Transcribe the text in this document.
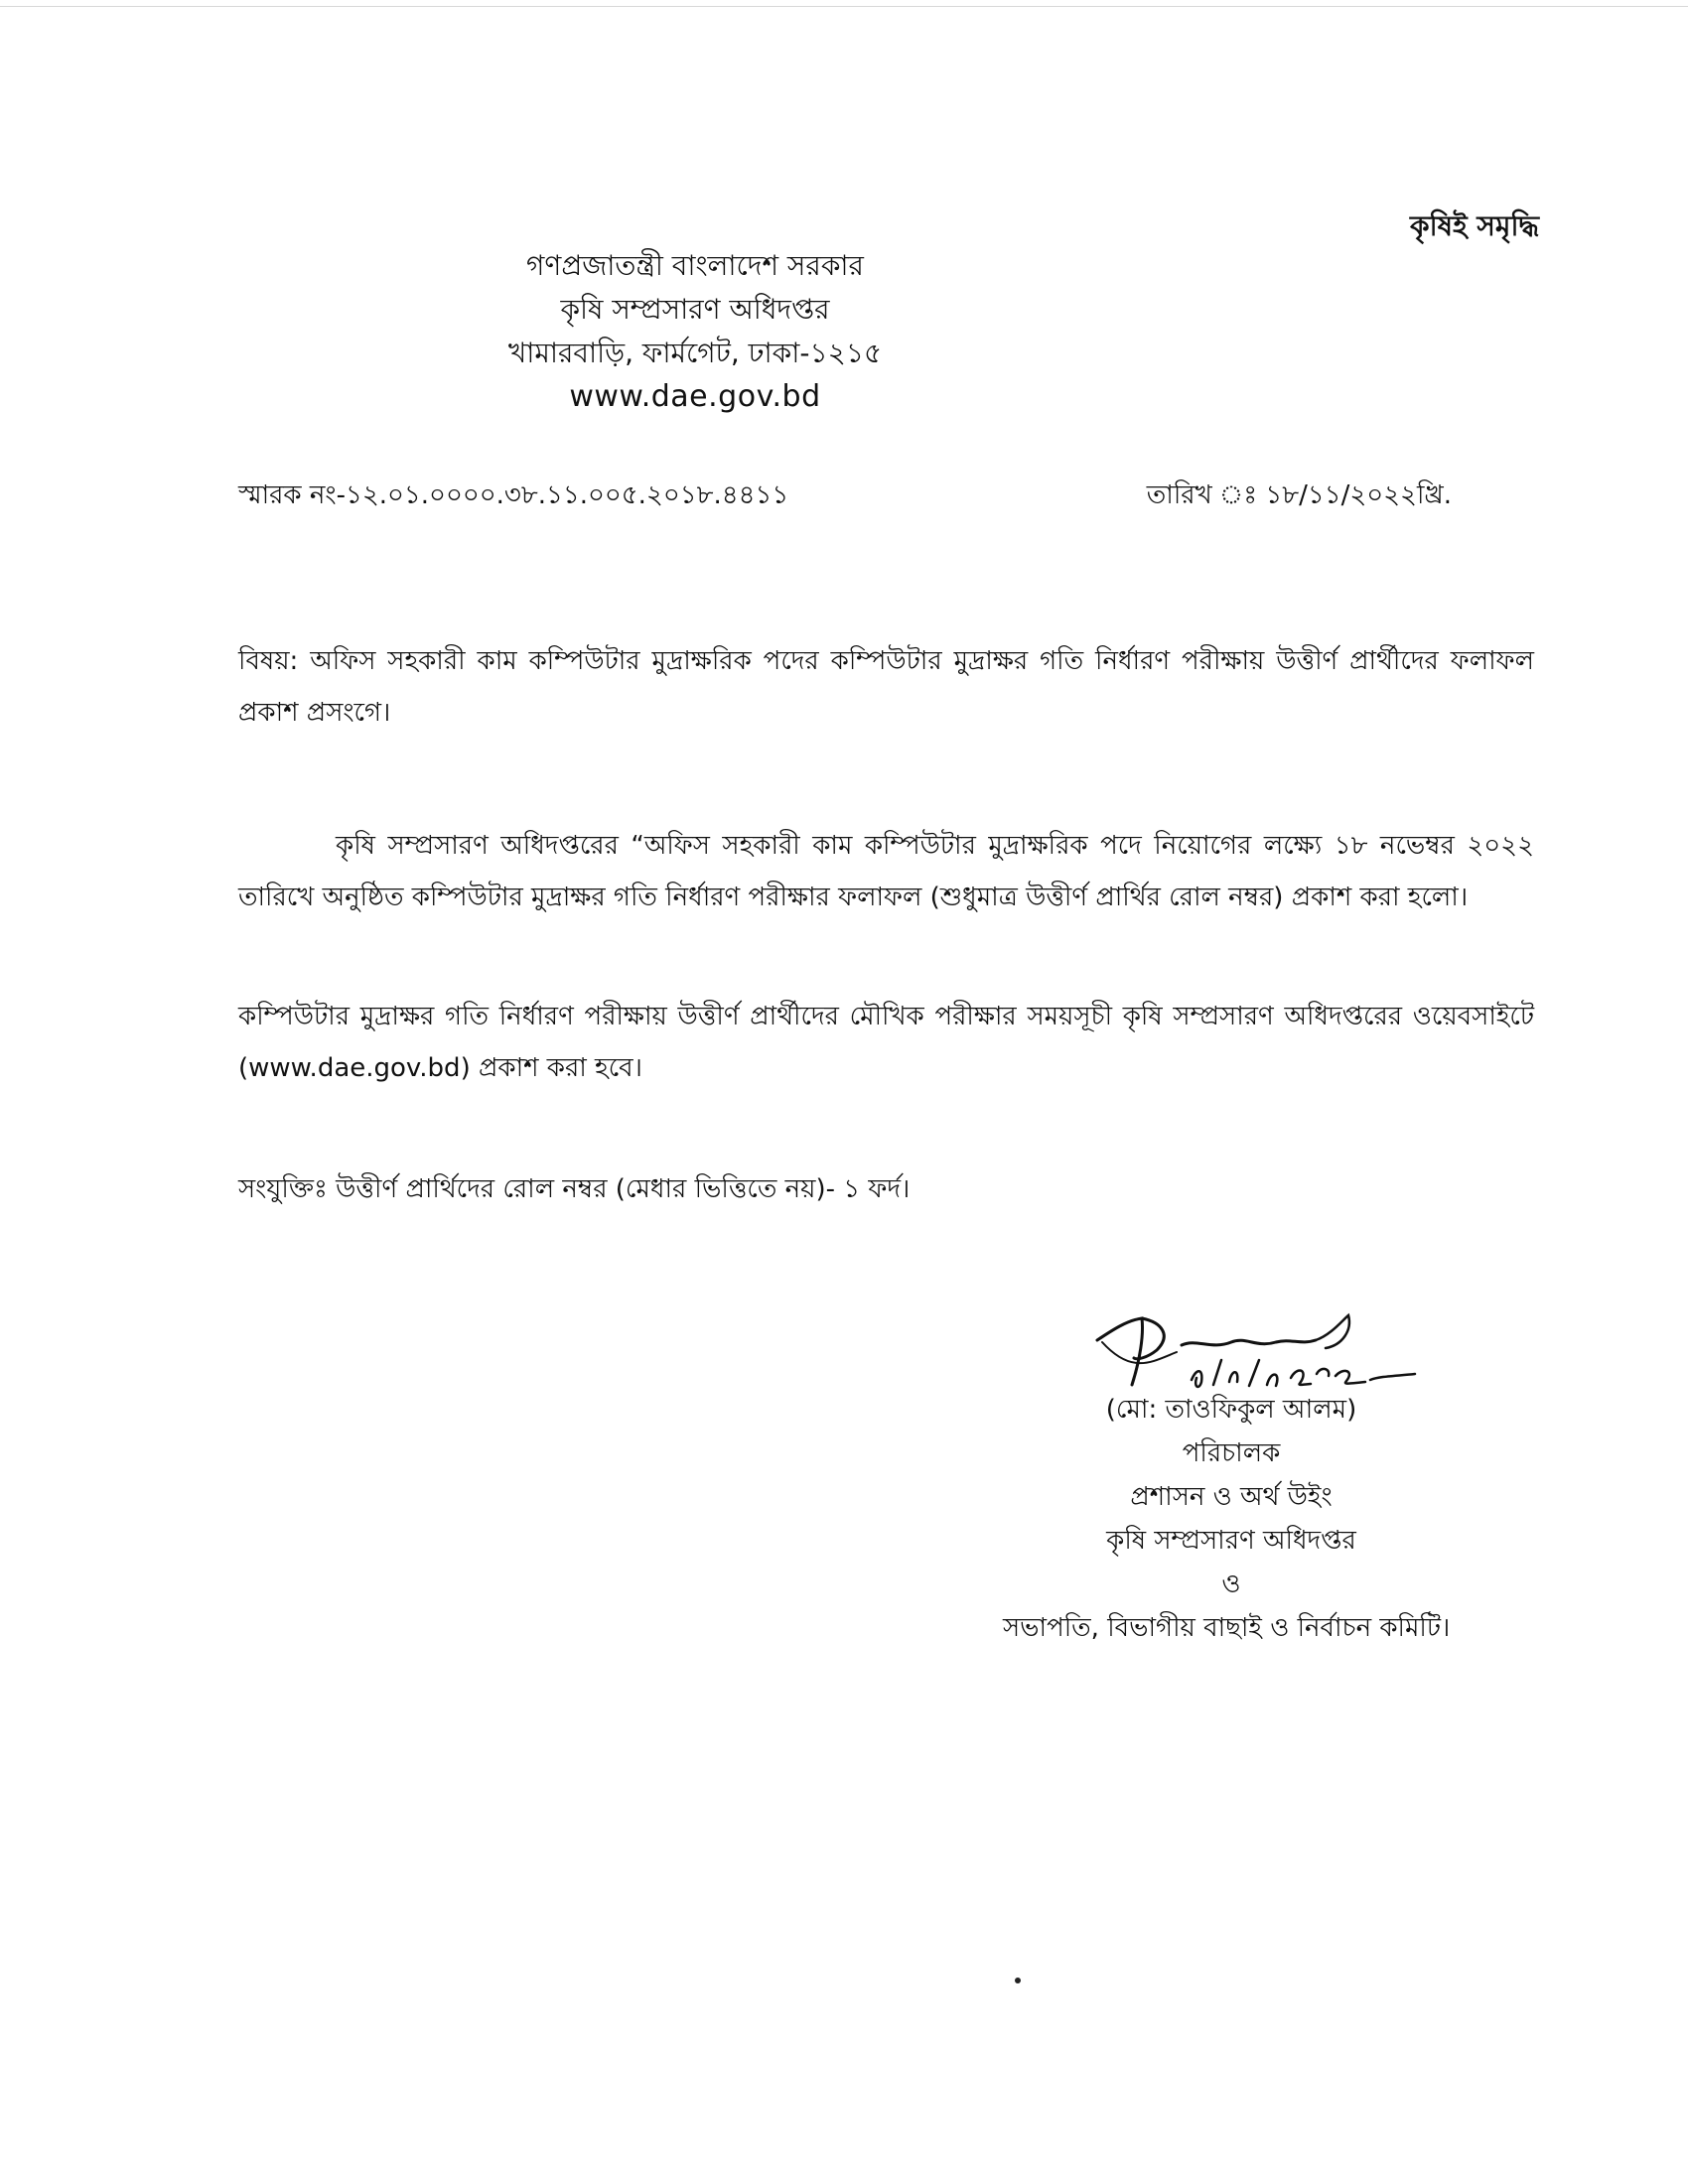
কৃষিই সমৃদ্ধি
গণপ্রজাতন্ত্রী বাংলাদেশ সরকার
কৃষি সম্প্রসারণ অধিদপ্তর
খামারবাড়ি, ফার্মগেট, ঢাকা-১২১৫
www.dae.gov.bd
স্মারক নং-১২.০১.০০০০.৩৮.১১.০০৫.২০১৮.৪৪১১	তারিখ ঃ ১৮/১১/২০২২খ্রি.
বিষয়: অফিস সহকারী কাম কম্পিউটার মুদ্রাক্ষরিক পদের কম্পিউটার মুদ্রাক্ষর গতি নির্ধারণ পরীক্ষায় উত্তীর্ণ প্রার্থীদের ফলাফল প্রকাশ প্রসংগে।
কৃষি সম্প্রসারণ অধিদপ্তরের “অফিস সহকারী কাম কম্পিউটার মুদ্রাক্ষরিক পদে নিয়োগের লক্ষ্যে ১৮ নভেম্বর ২০২২ তারিখে অনুষ্ঠিত কম্পিউটার মুদ্রাক্ষর গতি নির্ধারণ পরীক্ষার ফলাফল (শুধুমাত্র উত্তীর্ণ প্রার্থির রোল নম্বর) প্রকাশ করা হলো।
কম্পিউটার মুদ্রাক্ষর গতি নির্ধারণ পরীক্ষায় উত্তীর্ণ প্রার্থীদের মৌখিক পরীক্ষার সময়সূচী কৃষি সম্প্রসারণ অধিদপ্তরের ওয়েবসাইটে (www.dae.gov.bd) প্রকাশ করা হবে।
সংযুক্তিঃ উত্তীর্ণ প্রার্থিদের রোল নম্বর (মেধার ভিত্তিতে নয়)- ১ ফর্দ।
(মো: তাওফিকুল আলম)
পরিচালক
প্রশাসন ও অর্থ উইং
কৃষি সম্প্রসারণ অধিদপ্তর
ও
সভাপতি, বিভাগীয় বাছাই ও নির্বাচন কমিটি।
